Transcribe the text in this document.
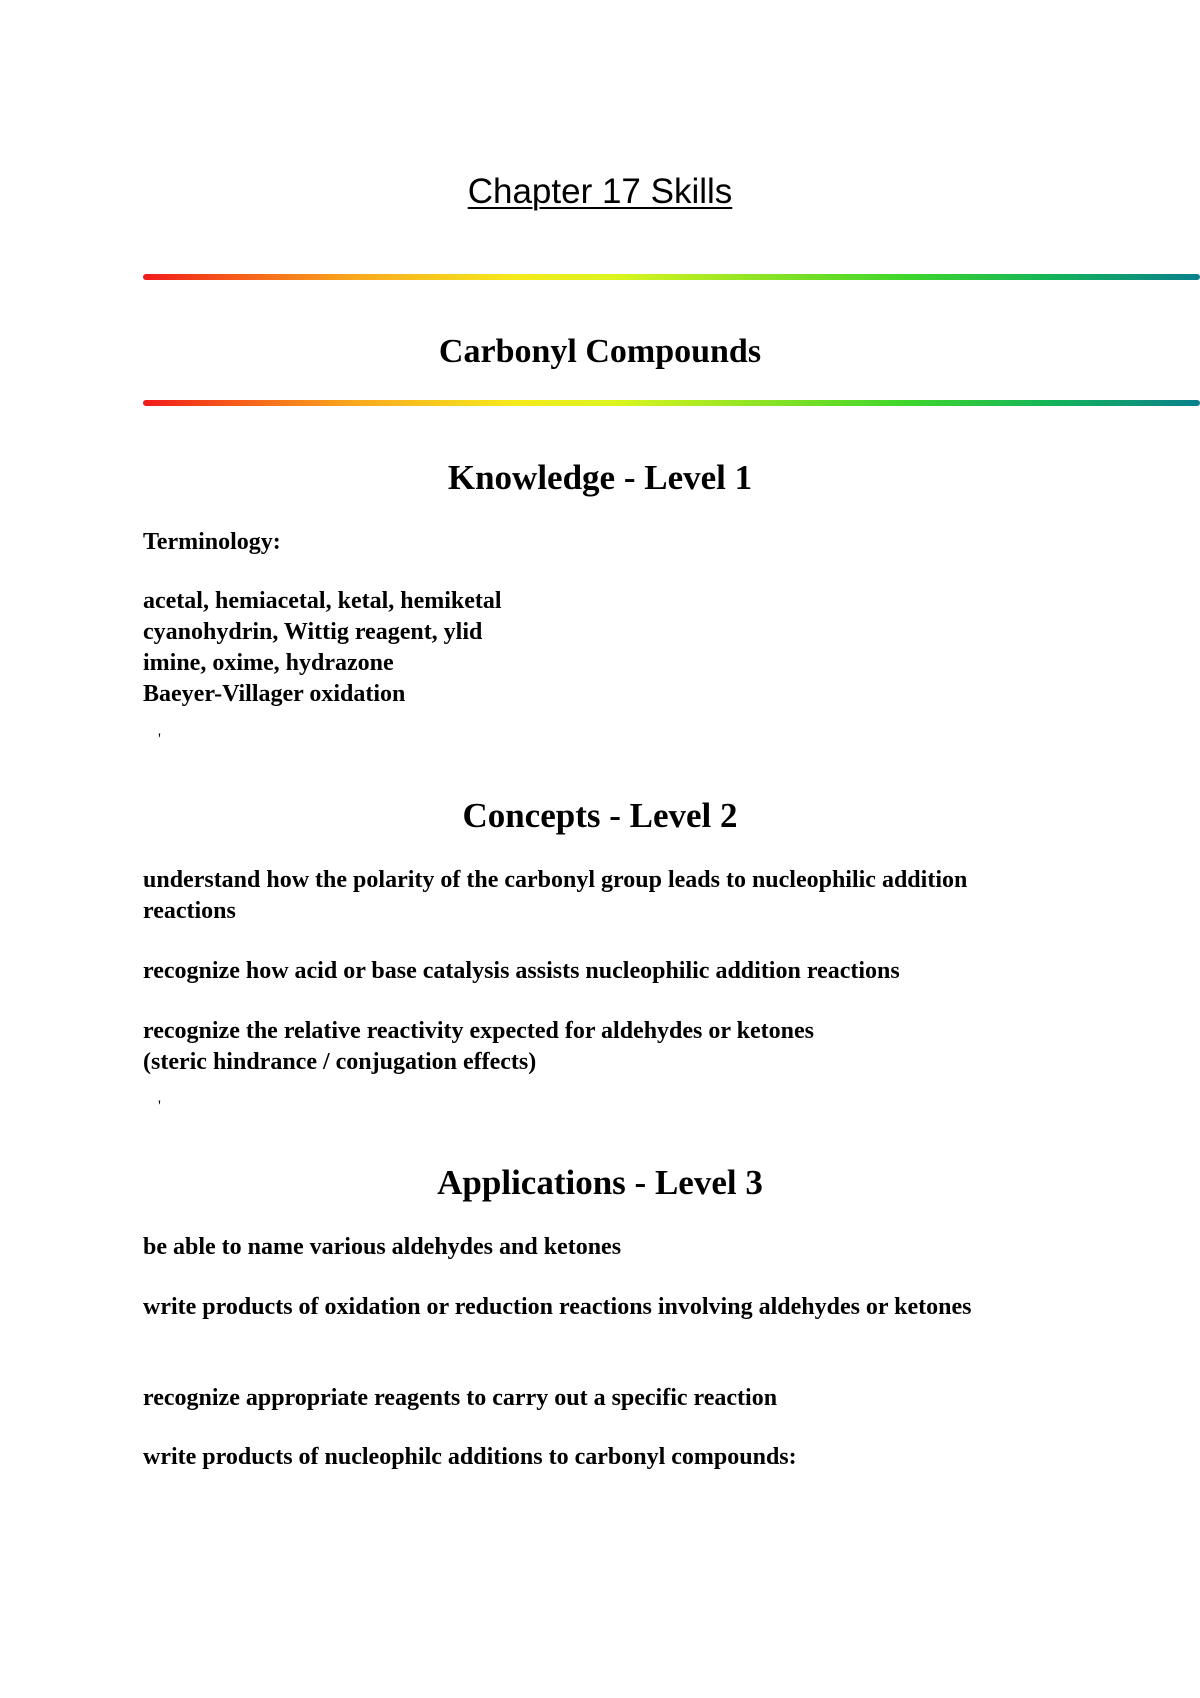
Chapter 17 Skills
Carbonyl Compounds
Knowledge - Level 1
Terminology:
acetal, hemiacetal, ketal, hemiketal
cyanohydrin, Wittig reagent, ylid
imine, oxime, hydrazone
Baeyer-Villager oxidation
'
Concepts - Level 2
understand how the polarity of the carbonyl group leads to nucleophilic addition reactions
recognize how acid or base catalysis assists nucleophilic addition reactions
recognize the relative reactivity expected for aldehydes or ketones
(steric hindrance / conjugation effects)
'
Applications - Level 3
be able to name various aldehydes and ketones
write products of oxidation or reduction reactions involving aldehydes or ketones
recognize appropriate reagents to carry out a specific reaction
write products of nucleophilc additions to carbonyl compounds:
